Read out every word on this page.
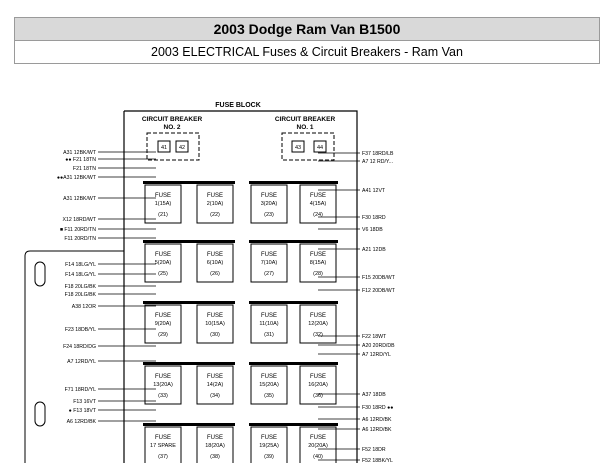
2003 Dodge Ram Van B1500
2003 ELECTRICAL Fuses & Circuit Breakers - Ram Van
FUSE BLOCK
CIRCUIT BREAKER
NO. 2
41 42
CIRCUIT BREAKER
NO. 1
43	44
FUSE
1(15A)
(21)
FUSE
2(10A)
(22)
FUSE
3(20A)
(23)
FUSE
4(15A)
(24)
FUSE
5(20A)
(25)
FUSE
6(10A)
(26)
FUSE
7(10A)
(27)
FUSE
8(15A)
(28)
FUSE
9(20A)
(29)
FUSE
10(15A)
(30)
FUSE
11(10A)
(31)
FUSE
12(20A)
(32)
FUSE
13(20A)
(33)
FUSE
14(2A)
(34)
FUSE
15(20A)
(35)
FUSE
16(20A)
(36)
FUSE
17 SPARE
(37)
FUSE
18(20A)
(38)
FUSE
19(25A)
(39)
FUSE
20(20A)
(40)
A31 12BK/WT
●● F21 18TN
F21 18TN
●●A31 12BK/WT
A31 12BK/WT
X12 18RD/WT
■ F11 20RD/TN
F11 20RD/TN
F14 18LG/YL
F14 18LG/YL
F18 20LG/BK
F18 20LG/BK
A38 12OR
F23 18DB/YL
F24 18RD/DG
A7 12RD/YL
F71 18RD/YL
F13 16VT
● F13 18VT
A6 12RD/BK
F37 18RD/LB
A7 12 RD/Y...
A41 12VT
F30 18RD
V6 18DB
A21 12DB
F15 20DB/WT
F12 20DB/WT
F22 18WT
A20 20RD/DB
A7 12RD/YL
A37 18DB
F30 18RD ●●
A6 12RD/BK
A6 12RD/BK
F52 18DR
F52 18BK/YL
